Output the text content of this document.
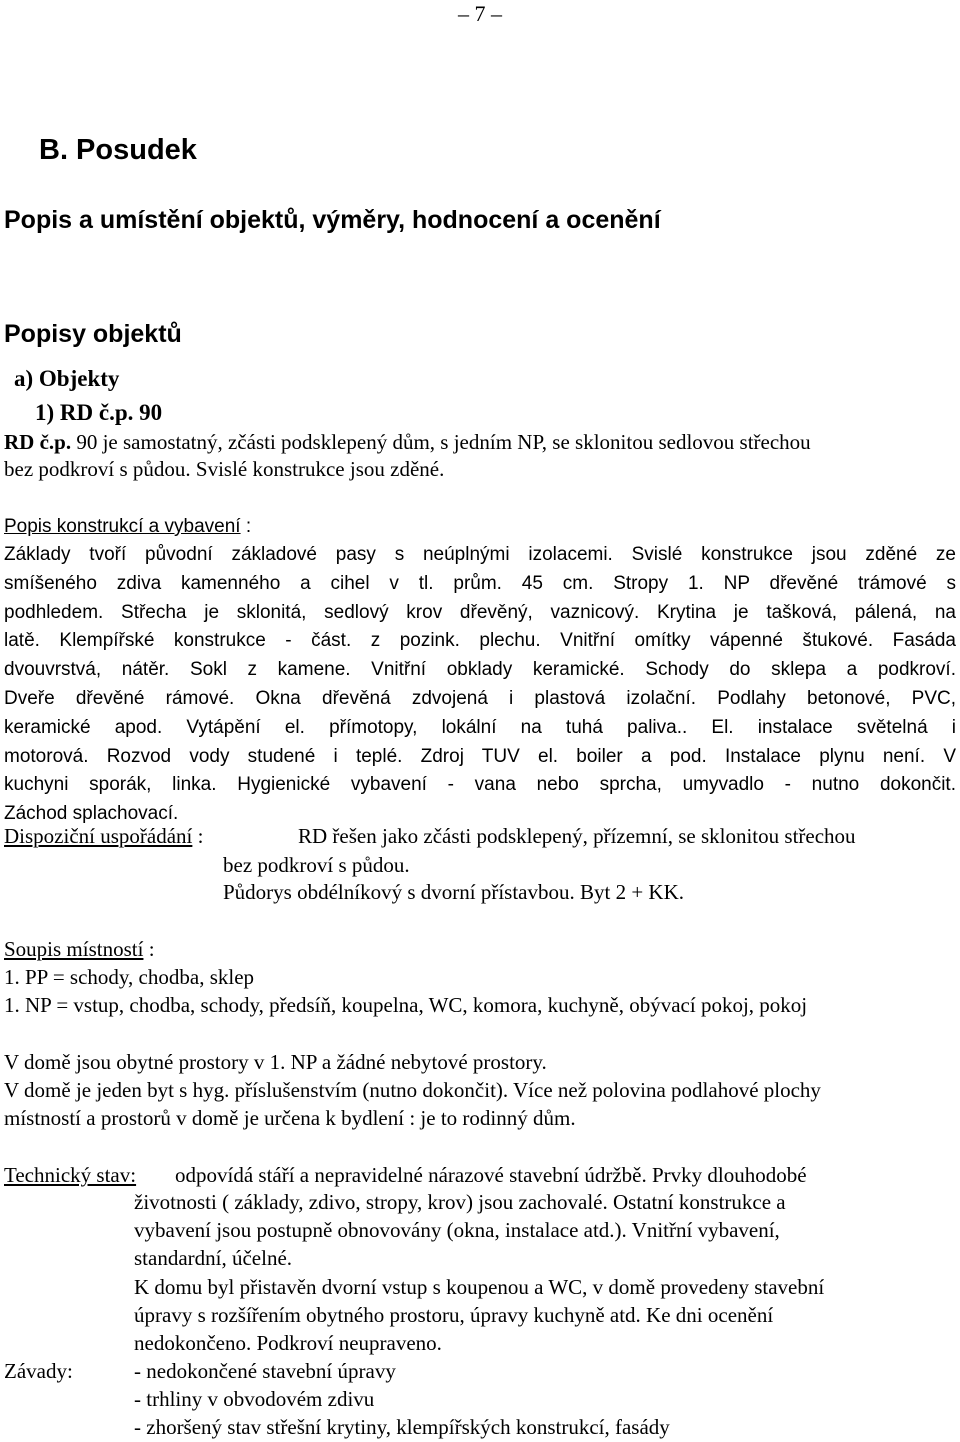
– 7 –
B. Posudek
Popis a umístění objektů, výměry, hodnocení a ocenění
Popisy objektů
a) Objekty
1) RD č.p. 90
RD č.p. 90 je samostatný, zčásti podsklepený dům, s jedním NP, se sklonitou sedlovou střechou
bez podkroví s půdou. Svislé konstrukce jsou zděné.
Popis konstrukcí a vybavení :
Základy tvoří původní základové pasy s neúplnými izolacemi. Svislé konstrukce jsou zděné ze
smíšeného zdiva kamenného a cihel v tl. prům. 45 cm. Stropy 1. NP dřevěné trámové s
podhledem. Střecha je sklonitá, sedlový krov dřevěný, vaznicový. Krytina je tašková, pálená, na
latě. Klempířské konstrukce - část. z pozink. plechu. Vnitřní omítky vápenné štukové. Fasáda
dvouvrstvá, nátěr. Sokl z kamene. Vnitřní obklady keramické. Schody do sklepa a podkroví.
Dveře dřevěné rámové. Okna dřevěná zdvojená i plastová izolační. Podlahy betonové, PVC,
keramické apod. Vytápění el. přímotopy, lokální na tuhá paliva.. El. instalace světelná i
motorová. Rozvod vody studené i teplé. Zdroj TUV el. boiler a pod. Instalace plynu není. V
kuchyni sporák, linka. Hygienické vybavení - vana nebo sprcha, umyvadlo - nutno dokončit.
Záchod splachovací.
Dispoziční uspořádání :	RD řešen jako zčásti podsklepený, přízemní, se sklonitou střechou
bez podkroví s půdou.
Půdorys obdélníkový s dvorní přístavbou. Byt 2 + KK.
Soupis místností :
1. PP = schody, chodba, sklep
1. NP = vstup, chodba, schody, předsíň, koupelna, WC, komora, kuchyně, obývací pokoj, pokoj
V domě jsou obytné prostory v 1. NP a žádné nebytové prostory.
V domě je jeden byt s hyg. příslušenstvím (nutno dokončit). Více než polovina podlahové plochy
místností a prostorů v domě je určena k bydlení : je to rodinný dům.
Technický stav: odpovídá stáří a nepravidelné nárazové stavební údržbě. Prvky dlouhodobé
životnosti ( základy, zdivo, stropy, krov) jsou zachovalé. Ostatní konstrukce a
vybavení jsou postupně obnovovány (okna, instalace atd.). Vnitřní vybavení,
standardní, účelné.
K domu byl přistavěn dvorní vstup s koupenou a WC, v domě provedeny stavební
úpravy s rozšířením obytného prostoru, úpravy kuchyně atd. Ke dni ocenění
nedokončeno. Podkroví neupraveno.
Závady:	- nedokončené stavební úpravy
- trhliny v obvodovém zdivu
- zhoršený stav střešní krytiny, klempířských konstrukcí, fasády
